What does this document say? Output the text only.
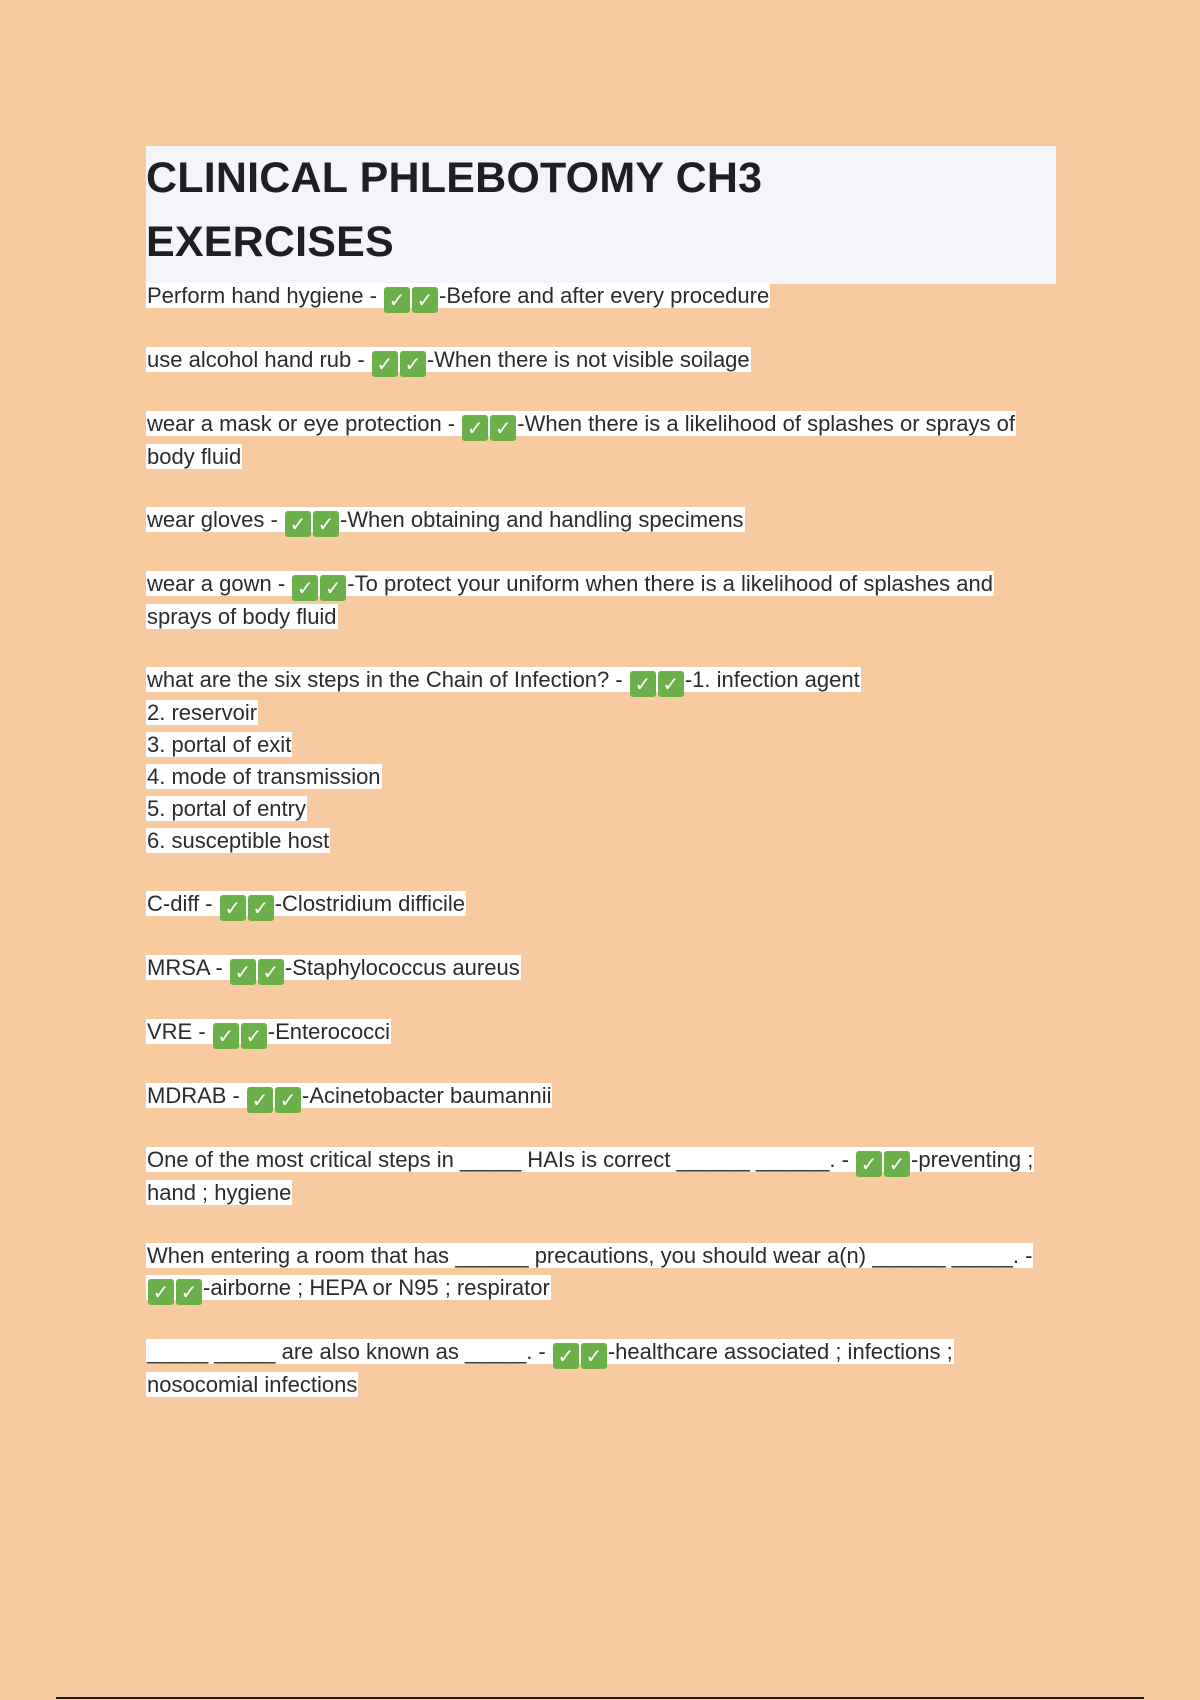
CLINICAL PHLEBOTOMY CH3
EXERCISES

Perform hand hygiene - ✓ ✓ -Before and after every procedure

use alcohol hand rub - ✓ ✓ -When there is not visible soilage

wear a mask or eye protection - ✓ ✓ -When there is a likelihood of splashes or sprays of body fluid

wear gloves - ✓ ✓ -When obtaining and handling specimens

wear a gown - ✓ ✓ -To protect your uniform when there is a likelihood of splashes and sprays of body fluid

what are the six steps in the Chain of Infection? - ✓ ✓ -1. infection agent
2. reservoir
3. portal of exit
4. mode of transmission
5. portal of entry
6. susceptible host

C-diff - ✓ ✓ -Clostridium difficile

MRSA - ✓ ✓ -Staphylococcus aureus

VRE - ✓ ✓ -Enterococci

MDRAB - ✓ ✓ -Acinetobacter baumannii

One of the most critical steps in _____ HAIs is correct ______ ______. - ✓ ✓ -preventing ; hand ; hygiene

When entering a room that has ______ precautions, you should wear a(n) ______ _____. - ✓ ✓ -airborne ; HEPA or N95 ; respirator

_____ _____ are also known as _____. - ✓ ✓ -healthcare associated ; infections ; nosocomial infections
